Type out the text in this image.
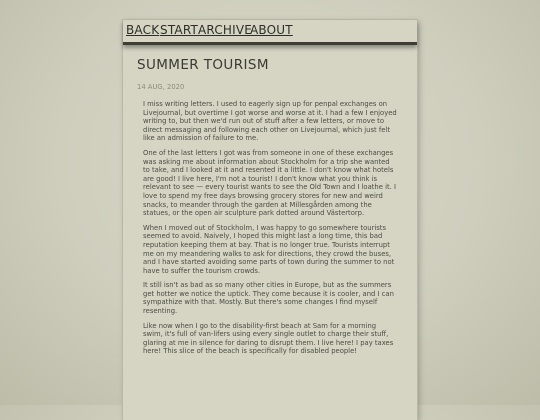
BACK START ARCHIVE
ABOUT
SUMMER TOURISM
14 AUG, 2020

I miss writing letters. I used to eagerly sign up for penpal exchanges on Livejournal, but overtime I got worse and worse at it. I had a few I enjoyed writing to, but then we'd run out of stuff after a few letters, or move to direct messaging and following each other on Livejournal, which just felt like an admission of failure to me.

One of the last letters I got was from someone in one of these exchanges was asking me about information about Stockholm for a trip she wanted to take, and I looked at it and resented it a little. I don't know what hotels are good! I live here, I'm not a tourist! I don't know what you think is relevant to see — every tourist wants to see the Old Town and I loathe it. I love to spend my free days browsing grocery stores for new and weird snacks, to meander through the garden at Millesgården among the statues, or the open air sculpture park dotted around Västertorp.

When I moved out of Stockholm, I was happy to go somewhere tourists seemed to avoid. Naively, I hoped this might last a long time, this bad reputation keeping them at bay. That is no longer true. Tourists interrupt me on my meandering walks to ask for directions, they crowd the buses, and I have started avoiding some parts of town during the summer to not have to suffer the tourism crowds.

It still isn't as bad as so many other cities in Europe, but as the summers get hotter we notice the uptick. They come because it is cooler, and I can sympathize with that. Mostly. But there's some changes I find myself resenting.

Like now when I go to the disability-first beach at Sam for a morning swim, it's full of van-lifers using every single outlet to charge their stuff, glaring at me in silence for daring to disrupt them. I live here! I pay taxes here! This slice of the beach is specifically for disabled people!
